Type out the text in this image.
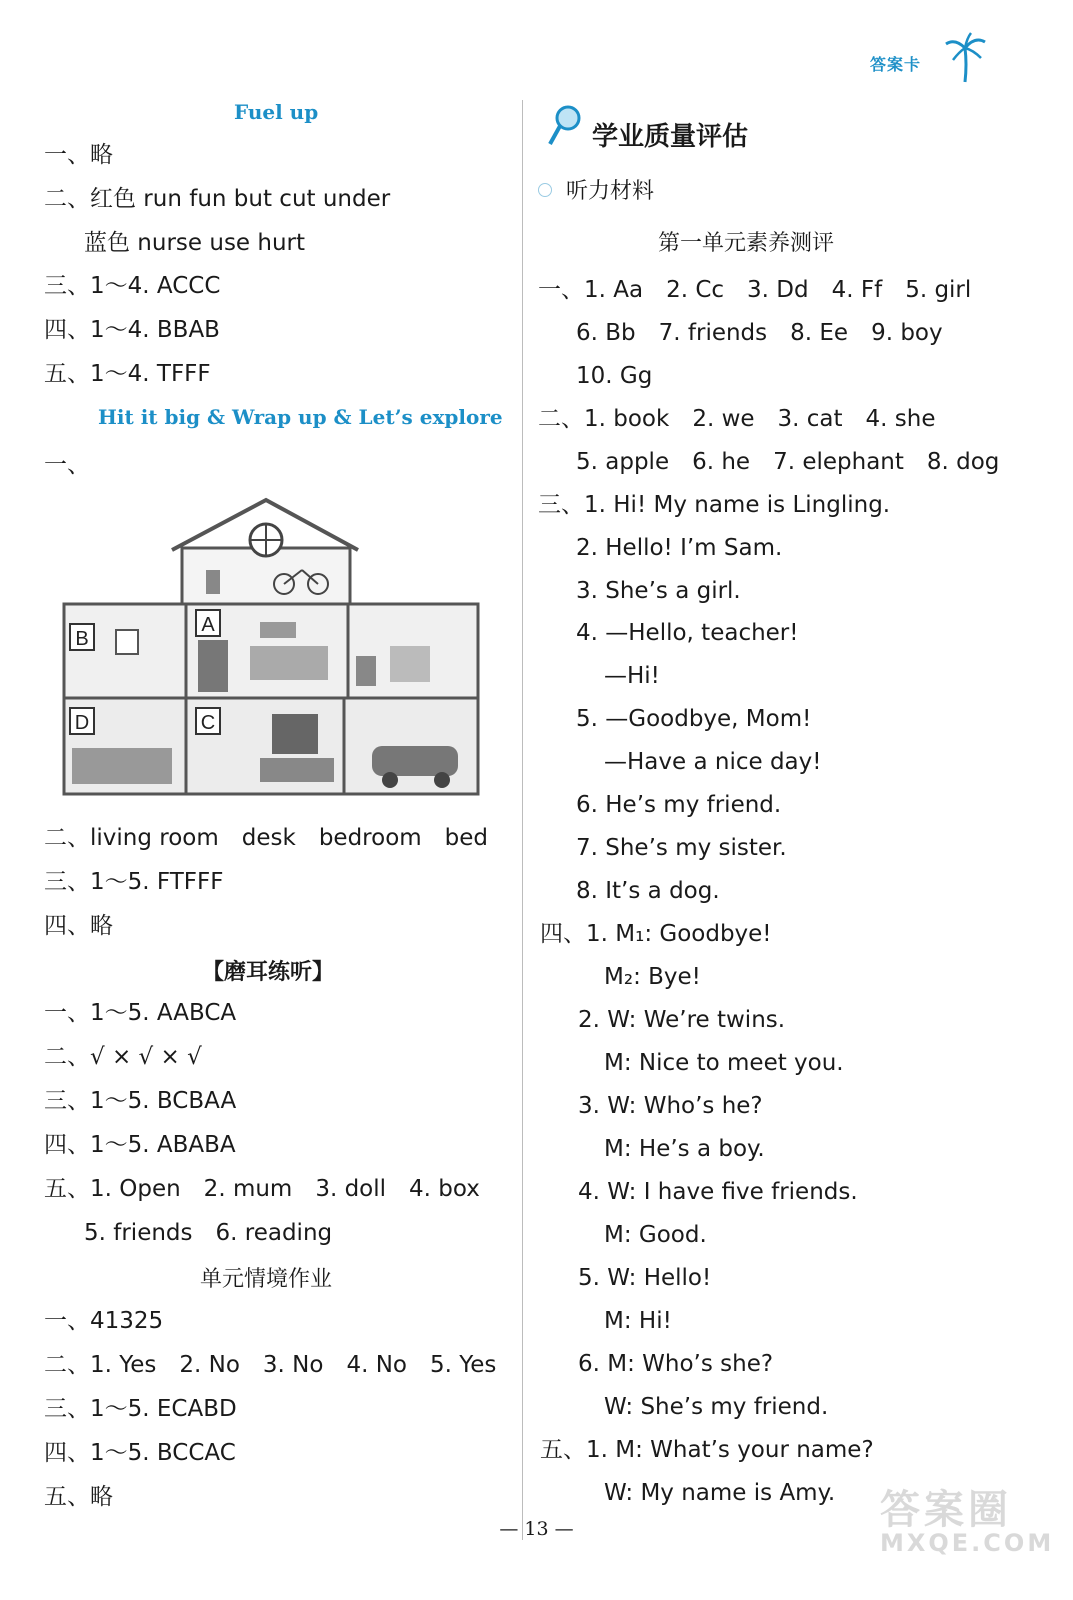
答案卡
Fuel up
一、略
二、红色 run fun but cut under
蓝色 nurse use hurt
三、1～4. ACCC
四、1～4. BBAB
五、1～4. TFFF
Hit it big & Wrap up & Let’s explore
一、
B
A
D	C
二、living room　desk　bedroom　bed
三、1～5. FTFFF
四、略
【磨耳练听】
一、1～5. AABCA
二、√ × √ × √
三、1～5. BCBAA
四、1～5. ABABA
五、1. Open　2. mum　3. doll　4. box
5. friends　6. reading
单元情境作业
一、41325
二、1. Yes　2. No　3. No　4. No　5. Yes
三、1～5. ECABD
四、1～5. BCCAC
五、略
学业质量评估
听力材料
第一单元素养测评
一、1. Aa　2. Cc　3. Dd　4. Ff　5. girl
6. Bb　7. friends　8. Ee　9. boy
10. Gg
二、1. book　2. we　3. cat　4. she
5. apple　6. he　7. elephant　8. dog
三、1. Hi! My name is Lingling.
2. Hello! I’m Sam.
3. She’s a girl.
4. —Hello, teacher!
—Hi!
5. —Goodbye, Mom!
—Have a nice day!
6. He’s my friend.
7. She’s my sister.
8. It’s a dog.
四、1. M₁: Goodbye!
M₂: Bye!
2. W: We’re twins.
M: Nice to meet you.
3. W: Who’s he?
M: He’s a boy.
4. W: I have five friends.
M: Good.
5. W: Hello!
M: Hi!
6. M: Who’s she?
W: She’s my friend.
五、1. M: What’s your name?
W: My name is Amy.
— 13 —	答案圈
MXQE.COM
